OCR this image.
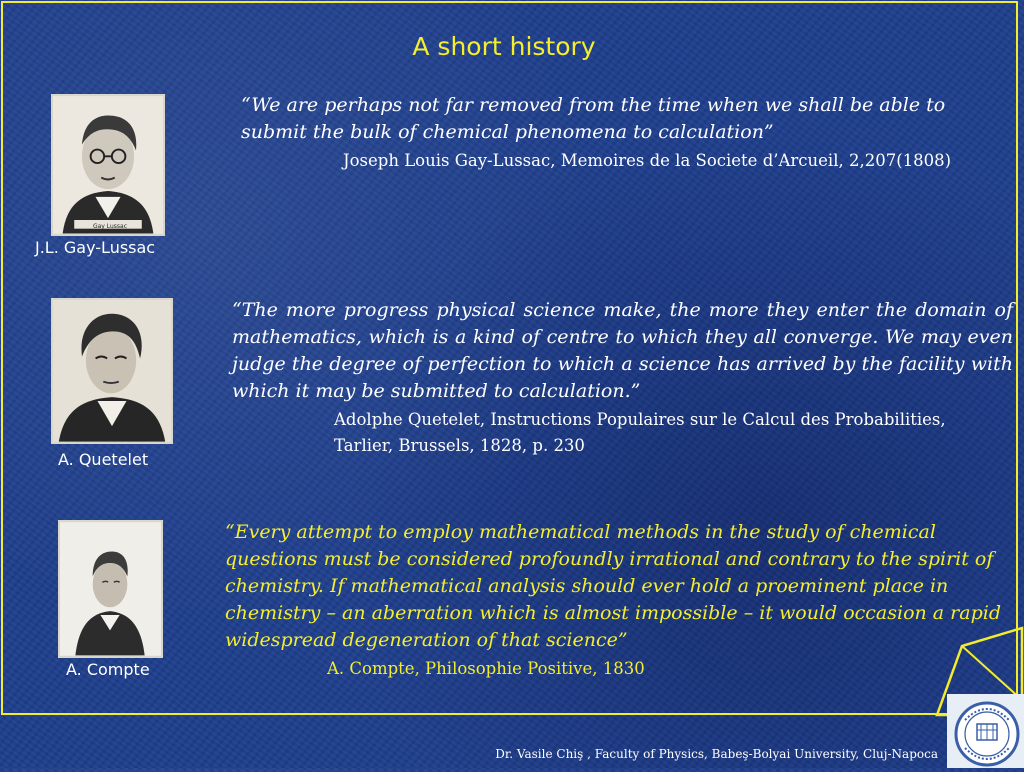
A short history
Gay Lussac
J.L. Gay-Lussac
“We are perhaps not far removed from the time when we shall be able to submit the bulk of chemical phenomena to calculation”
Joseph Louis Gay-Lussac, Memoires de la Societe d’Arcueil, 2,207(1808)
A. Quetelet
“The more progress physical science make, the more they enter the domain of mathematics, which is a kind of centre to which they all converge. We may even judge the degree of perfection to which a science has arrived by the facility with which it may be submitted to calculation.”
Adolphe Quetelet, Instructions Populaires sur le Calcul des Probabilities,
Tarlier, Brussels, 1828, p. 230
A. Compte
“Every attempt to employ mathematical methods in the study of chemical questions must be considered profoundly irrational and contrary to the spirit of chemistry. If mathematical analysis should ever hold a proeminent place in chemistry – an aberration which is almost impossible – it would occasion a rapid widespread degeneration of that science”
A. Compte, Philosophie Positive, 1830
Dr. Vasile Chiş , Faculty of Physics, Babeş-Bolyai University, Cluj-Napoca
